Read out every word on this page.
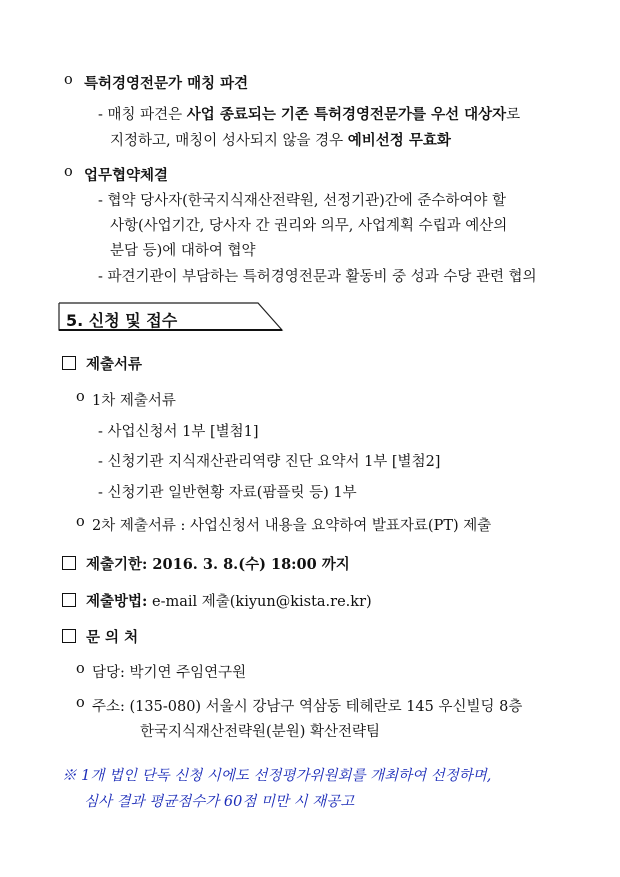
o 특허경영전문가 매칭 파견
- 매칭 파견은 사업 종료되는 기존 특허경영전문가를 우선 대상자로
지정하고, 매칭이 성사되지 않을 경우 예비선정 무효화
o 업무협약체결
- 협약 당사자(한국지식재산전략원, 선정기관)간에 준수하여야 할
사항(사업기간, 당사자 간 권리와 의무, 사업계획 수립과 예산의
분담 등)에 대하여 협약
- 파견기관이 부담하는 특허경영전문과 활동비 중 성과 수당 관련 협의
5. 신청 및 접수
제출서류
o 1차 제출서류
- 사업신청서 1부 [별첨1]
- 신청기관 지식재산관리역량 진단 요약서 1부 [별첨2]
- 신청기관 일반현황 자료(팜플릿 등) 1부
o 2차 제출서류 : 사업신청서 내용을 요약하여 발표자료(PT) 제출
제출기한: 2016. 3. 8.(수) 18:00 까지
제출방법: e-mail 제출(kiyun@kista.re.kr)
문 의 처
o 담당: 박기연 주임연구원
o 주소: (135-080) 서울시 강남구 역삼동 테헤란로 145 우신빌딩 8층
한국지식재산전략원(분원) 확산전략팀
※ 1개 법인 단독 신청 시에도 선정평가위원회를 개최하여 선정하며,
심사 결과 평균점수가 60점 미만 시 재공고
